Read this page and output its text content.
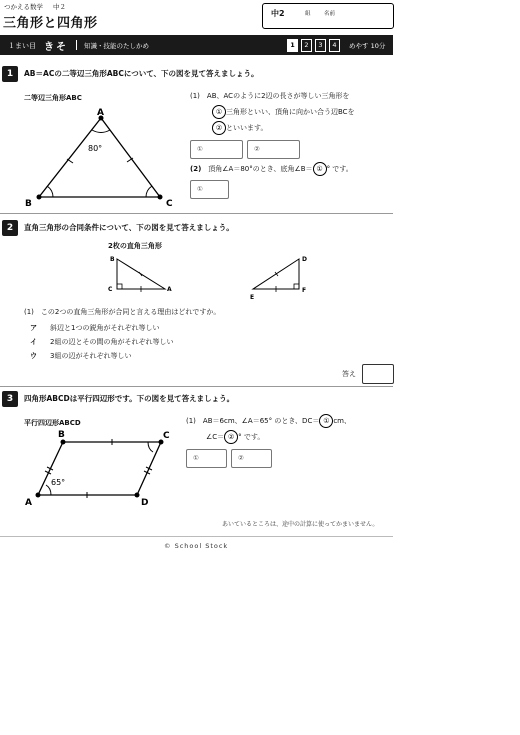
つかえる数学 中２
三角形と四角形
中2	組 名前
１まい目 きそ 知識・技能のたしかめ	1	2	3	4	めやす 10分
1	AB＝ACの二等辺三角形ABCについて、下の図を見て答えましょう。
二等辺三角形ABC
A
B	C
80°
(1)　 AB、ACのように2辺の長さが等しい三角形を
① 三角形といい、頂角に向かい合う辺BCを
② といいます。
①	②
(2)　 頂角∠A＝80°のとき、底角∠B＝ ① ° です。
①
2	直角三角形の合同条件について、下の図を見て答えましょう。
2枚の直角三角形
B
C	A
D
E
F
(1)　この2つの直角三角形が合同と言える理由はどれですか。
ア 斜辺と1つの鋭角がそれぞれ等しい
イ 2組の辺とその間の角がそれぞれ等しい
ウ 3組の辺がそれぞれ等しい
答え
3	四角形ABCDは平行四辺形です。下の図を見て答えましょう。
平行四辺形ABCD
65°
B	C
D
A
(1)　 AB＝6cm、∠A＝65° のとき、DC＝ ① cm、
∠C＝ ② ° です。
①	②
あいているところは、途中の計算に使ってかまいません。
© School Stock
